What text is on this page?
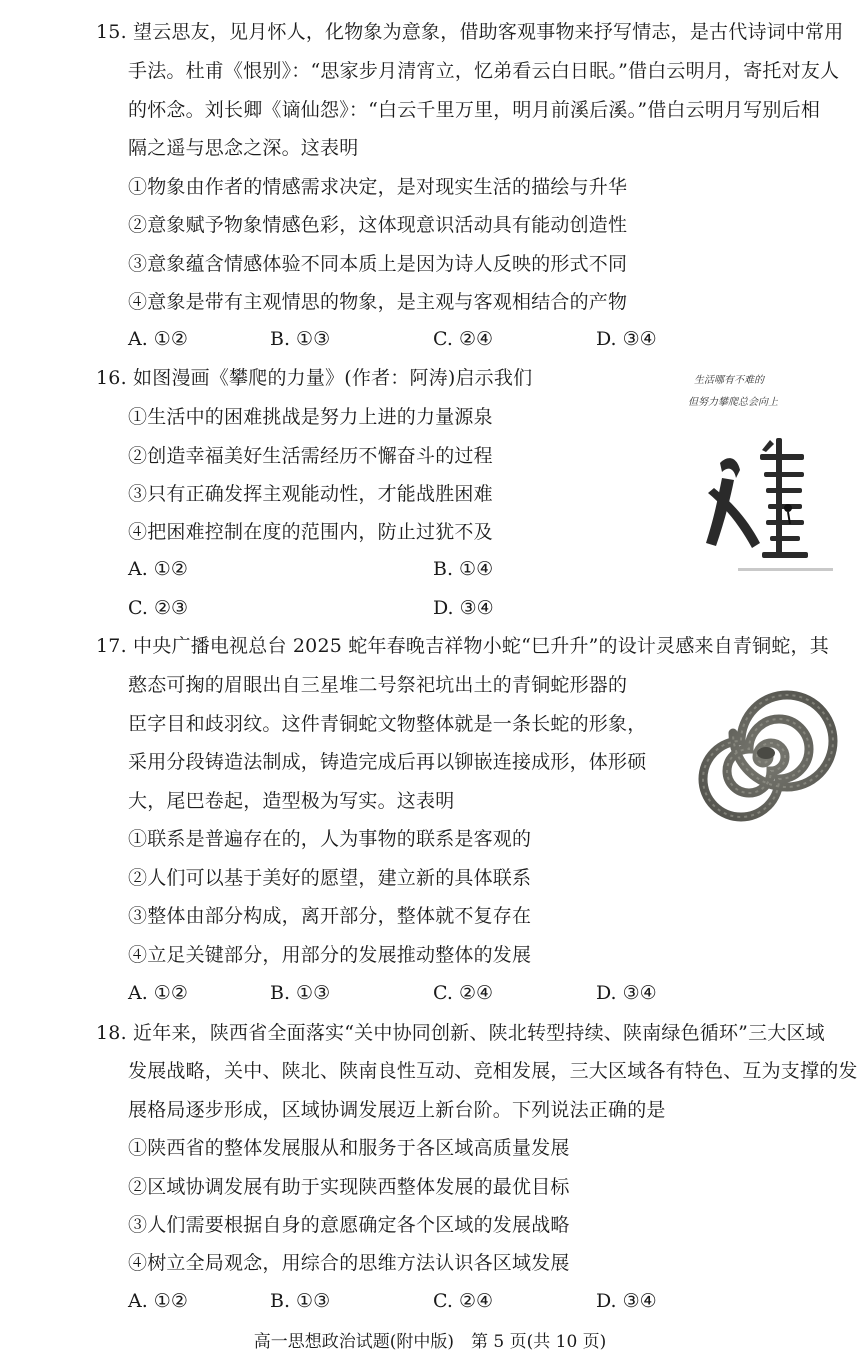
15. 望云思友，见月怀人，化物象为意象，借助客观事物来抒写情志，是古代诗词中常用
手法。杜甫《恨别》：“思家步月清宵立，忆弟看云白日眠。”借白云明月，寄托对友人
的怀念。刘长卿《谪仙怨》：“白云千里万里，明月前溪后溪。”借白云明月写别后相
隔之遥与思念之深。这表明
①物象由作者的情感需求决定，是对现实生活的描绘与升华
②意象赋予物象情感色彩，这体现意识活动具有能动创造性
③意象蕴含情感体验不同本质上是因为诗人反映的形式不同
④意象是带有主观情思的物象，是主观与客观相结合的产物
A. ①②	B. ①③	C. ②④	D. ③④
16. 如图漫画《攀爬的力量》(作者：阿涛)启示我们
①生活中的困难挑战是努力上进的力量源泉
②创造幸福美好生活需经历不懈奋斗的过程
③只有正确发挥主观能动性，才能战胜困难
④把困难控制在度的范围内，防止过犹不及
A. ①②	B. ①④
C. ②③	D. ③④
生活哪有不难的
但努力攀爬总会向上
17. 中央广播电视总台 2025 蛇年春晚吉祥物小蛇“巳升升”的设计灵感来自青铜蛇，其
憨态可掬的眉眼出自三星堆二号祭祀坑出土的青铜蛇形器的
臣字目和歧羽纹。这件青铜蛇文物整体就是一条长蛇的形象，
采用分段铸造法制成，铸造完成后再以铆嵌连接成形，体形硕
大，尾巴卷起，造型极为写实。这表明
①联系是普遍存在的，人为事物的联系是客观的
②人们可以基于美好的愿望，建立新的具体联系
③整体由部分构成，离开部分，整体就不复存在
④立足关键部分，用部分的发展推动整体的发展
A. ①②	B. ①③	C. ②④	D. ③④
18. 近年来，陕西省全面落实“关中协同创新、陕北转型持续、陕南绿色循环”三大区域
发展战略，关中、陕北、陕南良性互动、竞相发展，三大区域各有特色、互为支撑的发
展格局逐步形成，区域协调发展迈上新台阶。下列说法正确的是
①陕西省的整体发展服从和服务于各区域高质量发展
②区域协调发展有助于实现陕西整体发展的最优目标
③人们需要根据自身的意愿确定各个区域的发展战略
④树立全局观念，用综合的思维方法认识各区域发展
A. ①②	B. ①③	C. ②④	D. ③④
高一思想政治试题(附中版)　第 5 页(共 10 页)
